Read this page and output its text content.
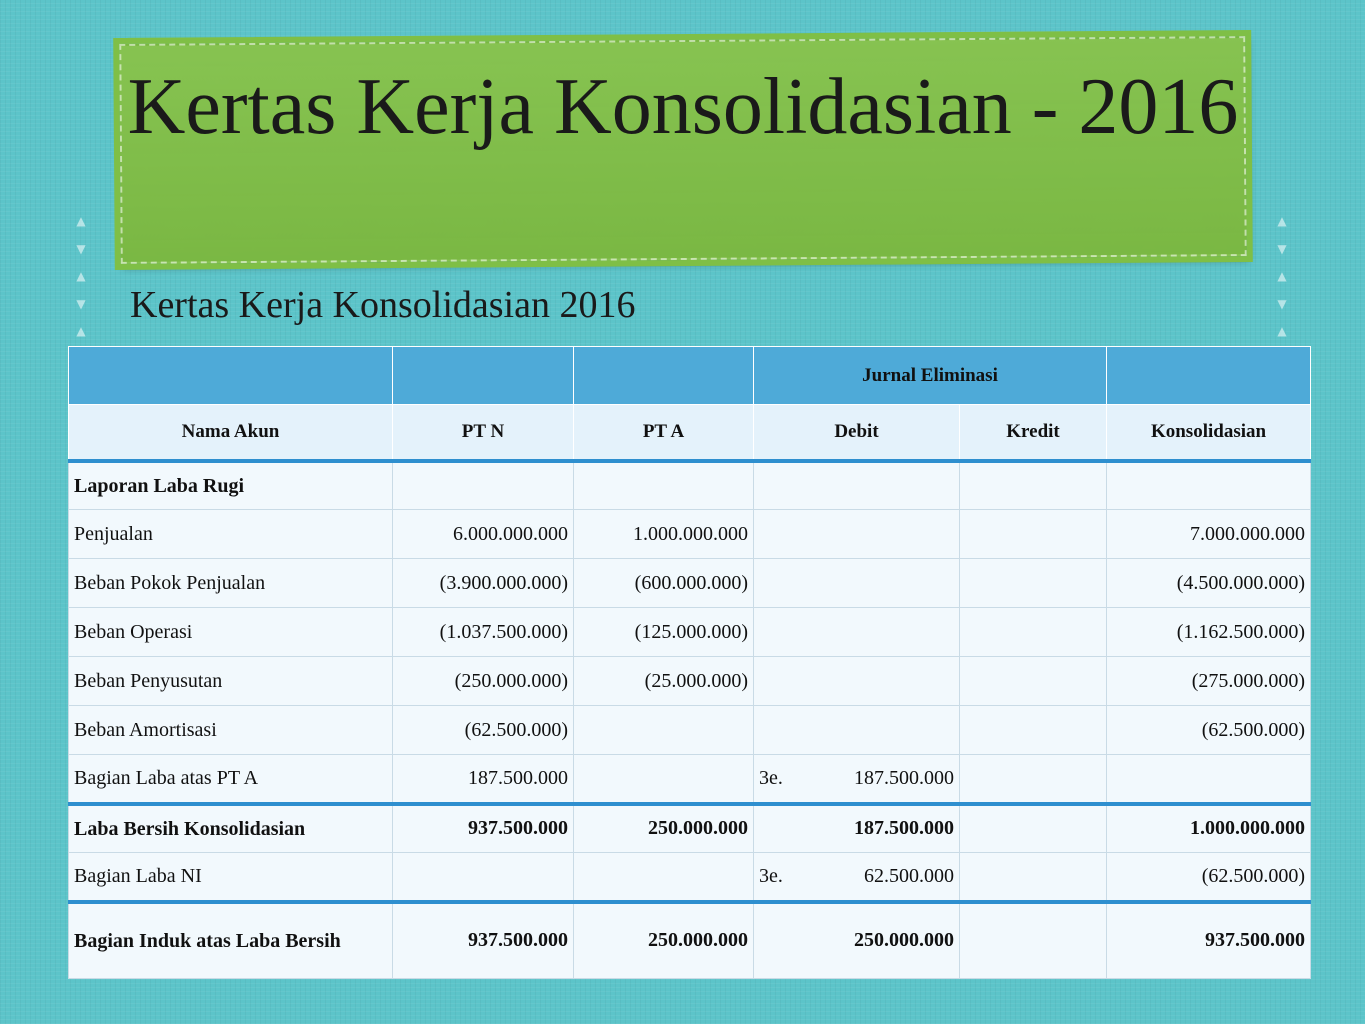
▲
▼
▲
▼
▲
▲
▼
▲
▼
▲
Kertas Kerja Konsolidasian - 2016
Kertas Kerja Konsolidasian 2016
			Jurnal Eliminasi		
Nama Akun	PT N	PT A	Debit	Kredit	Konsolidasian
Laporan Laba Rugi			

Penjualan	6.000.000.000	1.000.000.000			7.000.000.000
Beban Pokok Penjualan	(3.900.000.000)	(600.000.000)			(4.500.000.000)
Beban Operasi	(1.037.500.000)	(125.000.000)			(1.162.500.000)
Beban Penyusutan	(250.000.000)	(25.000.000)			(275.000.000)
Beban Amortisasi	(62.500.000)				(62.500.000)
Bagian Laba atas PT A	187.500.000		3e. 187.500.000		

Laba Bersih Konsolidasian	937.500.000	250.000.000	187.500.000		1.000.000.000
Bagian Laba NI			3e. 62.500.000		(62.500.000)
Bagian Induk atas Laba Bersih	937.500.000	250.000.000	250.000.000		937.500.000
